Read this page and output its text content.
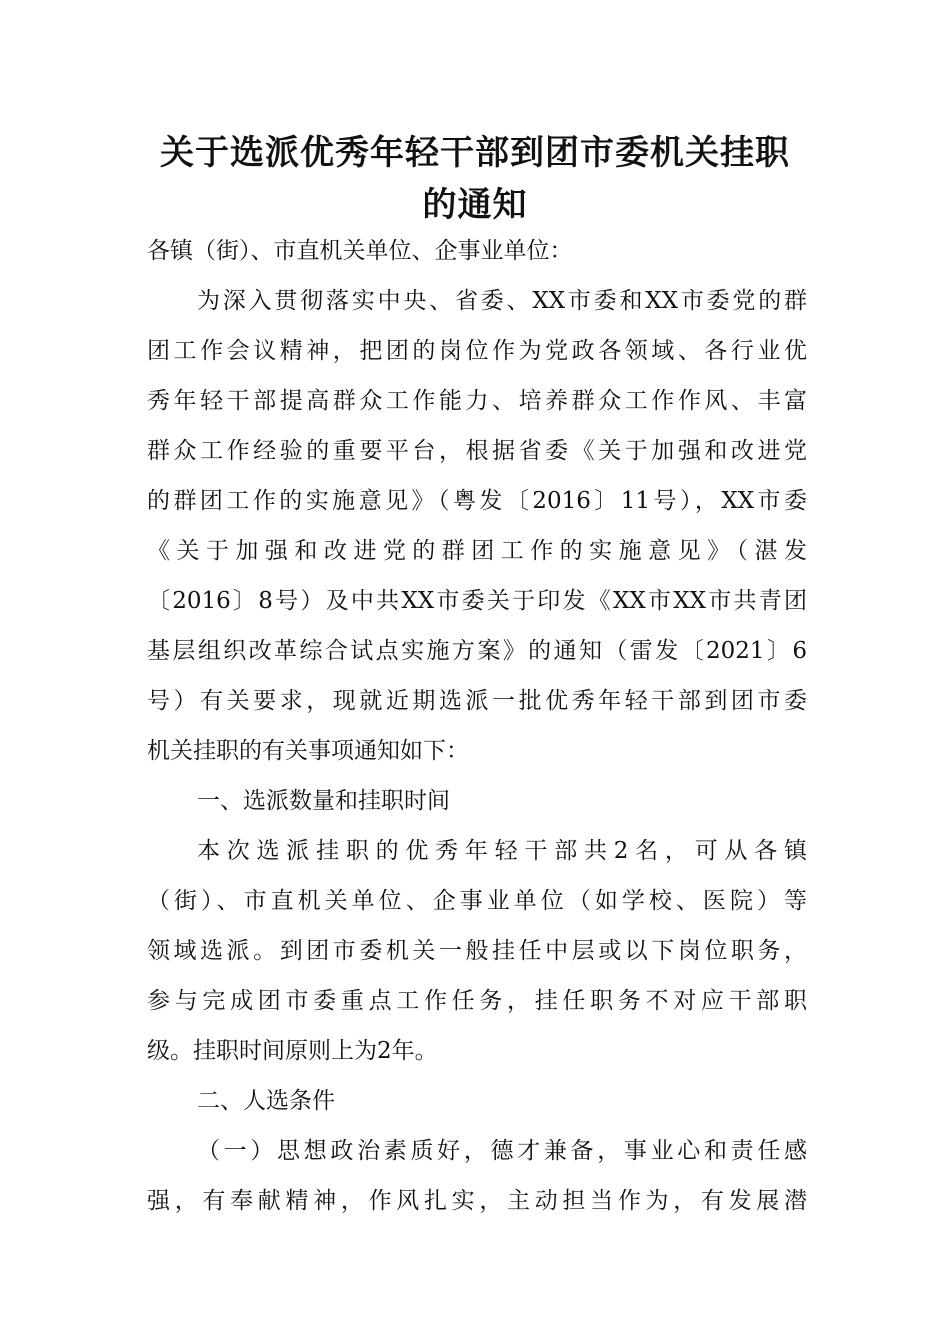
关于选派优秀年轻干部到团市委机关挂职
的通知

各镇（街）、市直机关单位、企事业单位：

为深入贯彻落实中央、省委、XX市委和XX市委党的群

团工作会议精神，把团的岗位作为党政各领域、各行业优

秀年轻干部提高群众工作能力、培养群众工作作风、丰富

群众工作经验的重要平台，根据省委《关于加强和改进党

的群团工作的实施意见》（粤发〔2016〕11号），XX市委

《关于加强和改进党的群团工作的实施意见》（湛发

〔2016〕8号）及中共XX市委关于印发《XX市XX市共青团

基层组织改革综合试点实施方案》的通知（雷发〔2021〕6

号）有关要求，现就近期选派一批优秀年轻干部到团市委

机关挂职的有关事项通知如下：

一、选派数量和挂职时间

本次选派挂职的优秀年轻干部共2名，可从各镇

（街）、市直机关单位、企事业单位（如学校、医院）等

领域选派。到团市委机关一般挂任中层或以下岗位职务，

参与完成团市委重点工作任务，挂任职务不对应干部职

级。挂职时间原则上为2年。

二、人选条件

（一）思想政治素质好，德才兼备，事业心和责任感

强，有奉献精神，作风扎实，主动担当作为，有发展潜
